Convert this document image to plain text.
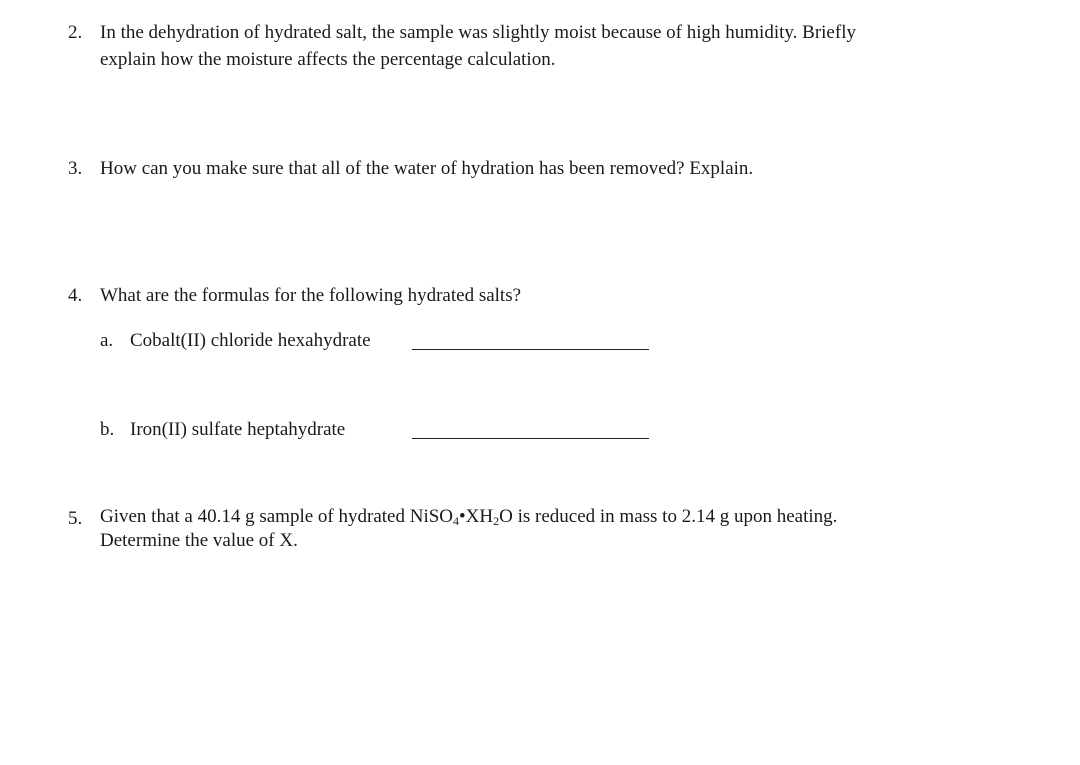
2. In the dehydration of hydrated salt, the sample was slightly moist because of high humidity. Briefly
explain how the moisture affects the percentage calculation.
3. How can you make sure that all of the water of hydration has been removed? Explain.
4. What are the formulas for the following hydrated salts?
a. Cobalt(II) chloride hexahydrate
b. Iron(II) sulfate heptahydrate
5. Given that a 40.14 g sample of hydrated $NiSO_4•XH_2O$ is reduced in mass to 2.14 g upon heating.
Determine the value of X.
